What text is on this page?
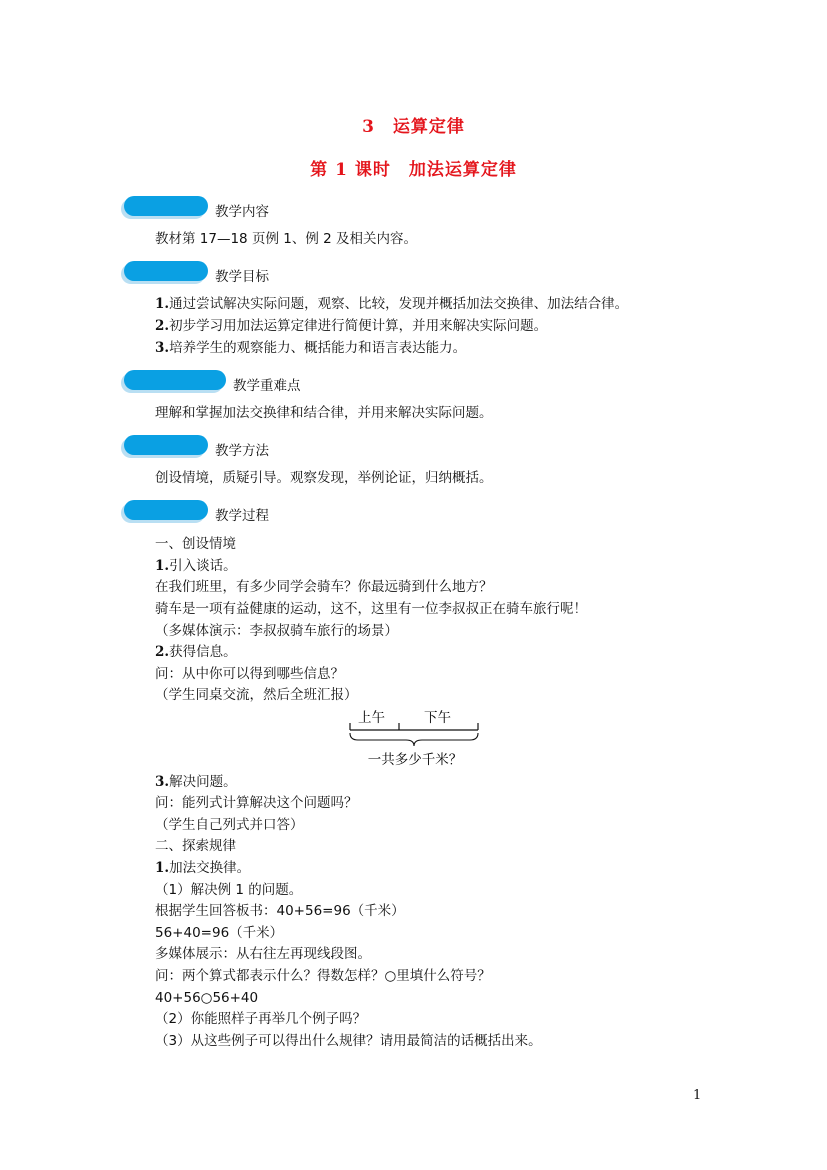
3　运算定律
第 1 课时　加法运算定律
教学内容
教材第 17—18 页例 1、例 2 及相关内容。
教学目标
1.通过尝试解决实际问题，观察、比较，发现并概括加法交换律、加法结合律。
2.初步学习用加法运算定律进行简便计算，并用来解决实际问题。
3.培养学生的观察能力、概括能力和语言表达能力。
教学重难点
理解和掌握加法交换律和结合律，并用来解决实际问题。
教学方法
创设情境，质疑引导。观察发现，举例论证，归纳概括。
教学过程
一、创设情境
1.引入谈话。
在我们班里，有多少同学会骑车？你最远骑到什么地方？
骑车是一项有益健康的运动，这不，这里有一位李叔叔正在骑车旅行呢！
（多媒体演示：李叔叔骑车旅行的场景）
2.获得信息。
问：从中你可以得到哪些信息？
（学生同桌交流，然后全班汇报）
上午	下午
一共多少千米？
3.解决问题。
问：能列式计算解决这个问题吗？
（学生自己列式并口答）
二、探索规律
1.加法交换律。
（1）解决例 1 的问题。
根据学生回答板书：40+56=96（千米）
56+40=96（千米）
多媒体展示：从右往左再现线段图。
问：两个算式都表示什么？得数怎样？○里填什么符号？
40+56○56+40
（2）你能照样子再举几个例子吗？
（3）从这些例子可以得出什么规律？请用最简洁的话概括出来。
1
